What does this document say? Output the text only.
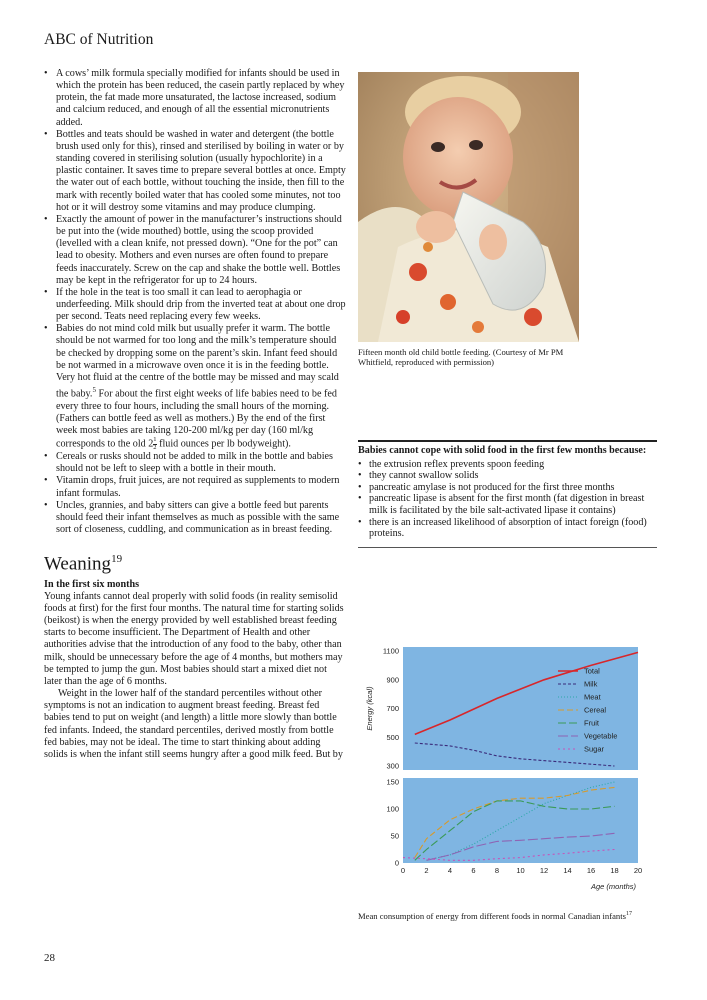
ABC of Nutrition
• A cows’ milk formula specially modified for infants should be used in which the protein has been reduced, the casein partly replaced by whey protein, the fat made more unsaturated, the lactose increased, sodium and calcium reduced, and enough of all the essential micronutrients added.
• Bottles and teats should be washed in water and detergent (the bottle brush used only for this), rinsed and sterilised by boiling in water or by standing covered in sterilising solution (usually hypochlorite) in a plastic container. It saves time to prepare several bottles at once. Empty the water out of each bottle, without touching the inside, then fill to the mark with recently boiled water that has cooled some minutes, not too hot or it will destroy some vitamins and may produce clumping.
• Exactly the amount of power in the manufacturer’s instructions should be put into the (wide mouthed) bottle, using the scoop provided (levelled with a clean knife, not pressed down). “One for the pot” can lead to obesity. Mothers and even nurses are often found to prepare feeds inaccurately. Screw on the cap and shake the bottle well. Bottles may be kept in the refrigerator for up to 24 hours.
• If the hole in the teat is too small it can lead to aerophagia or underfeeding. Milk should drip from the inverted teat at about one drop per second. Teats need replacing every few weeks.
• Babies do not mind cold milk but usually prefer it warm. The bottle should be not warmed for too long and the milk’s temperature should be checked by dropping some on the parent’s skin. Infant feed should be not warmed in a microwave oven once it is in the feeding bottle. Very hot fluid at the centre of the bottle may be missed and may scald the baby.$^5$ For about the first eight weeks of life babies need to be fed every three to four hours, including the small hours of the morning. (Fathers can bottle feed as well as mothers.) By the end of the first week most babies are taking 120-200 ml/kg per day (160 ml/kg corresponds to the old $2 \frac{1}{2}$ fluid ounces per lb bodyweight).
• Cereals or rusks should not be added to milk in the bottle and babies should not be left to sleep with a bottle in their mouth.
• Vitamin drops, fruit juices, are not required as supplements to modern infant formulas.
• Uncles, grannies, and baby sitters can give a bottle feed but parents should feed their infant themselves as much as possible with the same sort of closeness, cuddling, and communication as in breast feeding.
Weaning$^{19}$

In the first six months

Young infants cannot deal properly with solid foods (in reality semisolid foods at first) for the first four months. The natural time for starting solids (beikost) is when the energy provided by well established breast feeding starts to become insufficient. The Department of Health and other authorities advise that the introduction of any food to the baby, other than milk, should be unnecessary before the age of 4 months, but mothers may be tempted to jump the gun. Most babies should start a mixed diet not later than the age of 6 months.

Weight in the lower half of the standard percentiles without other symptoms is not an indication to augment breast feeding. Breast fed babies tend to put on weight (and length) a little more slowly than bottle fed infants. Indeed, the standard percentiles, derived mostly from bottle fed babies, may not be ideal. The time to start thinking about adding solids is when the infant still seems hungry after a good milk feed. But by

28
Fifteen month old child bottle feeding. (Courtesy of Mr PM Whitfield, reproduced with permission)

Babies cannot cope with solid food in the first few months because:

• the extrusion reflex prevents spoon feeding
• they cannot swallow solids
• pancreatic amylase is not produced for the first three months
• pancreatic lipase is absent for the first month (fat digestion in breast milk is facilitated by the bile salt-activated lipase it contains)
• there is an increased likelihood of absorption of intact foreign (food) proteins.
Energy (kcal)
Age (months)
300
500
700
900
1100
0
50
100
150
0	2	4	6	8 10 12 14 16 18 20
Total
Milk
Meat
Cereal
Fruit
Vegetable
Sugar
Mean consumption of energy from different foods in normal Canadian infants$^{17}$
